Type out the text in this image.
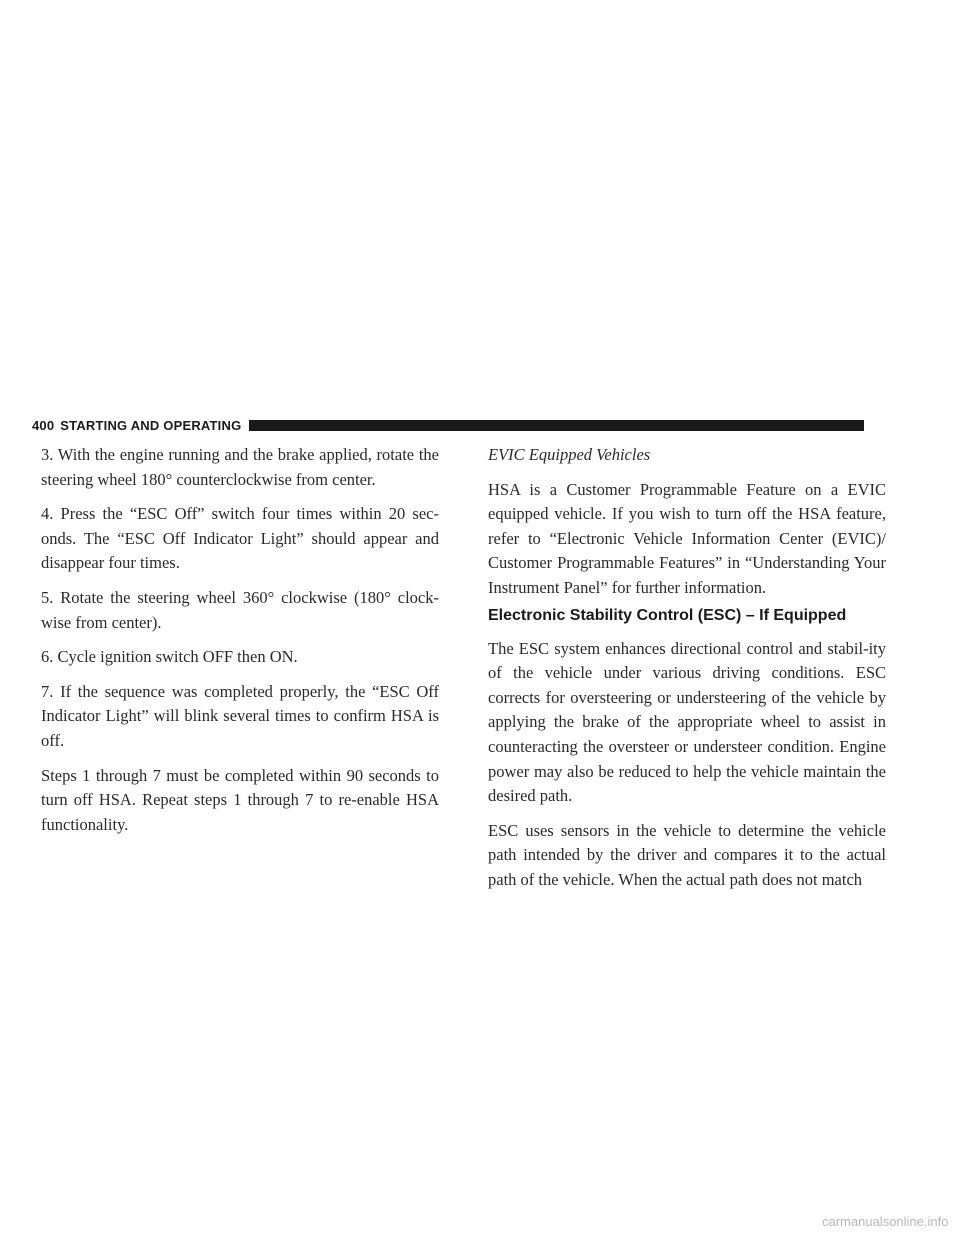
400 STARTING AND OPERATING

3. With the engine running and the brake applied, rotate the steering wheel 180° counterclockwise from center.

4. Press the “ESC Off” switch four times within 20 sec-onds. The “ESC Off Indicator Light” should appear and disappear four times.

5. Rotate the steering wheel 360° clockwise (180° clock-wise from center).

6. Cycle ignition switch OFF then ON.

7. If the sequence was completed properly, the “ESC Off Indicator Light” will blink several times to confirm HSA is off.

Steps 1 through 7 must be completed within 90 seconds to turn off HSA. Repeat steps 1 through 7 to re-enable HSA functionality.

EVIC Equipped Vehicles

HSA is a Customer Programmable Feature on a EVIC equipped vehicle. If you wish to turn off the HSA feature, refer to “Electronic Vehicle Information Center (EVIC)/ Customer Programmable Features” in “Understanding Your Instrument Panel” for further information.

Electronic Stability Control (ESC) – If Equipped

The ESC system enhances directional control and stabil-ity of the vehicle under various driving conditions. ESC corrects for oversteering or understeering of the vehicle by applying the brake of the appropriate wheel to assist in counteracting the oversteer or understeer condition. Engine power may also be reduced to help the vehicle maintain the desired path.

ESC uses sensors in the vehicle to determine the vehicle path intended by the driver and compares it to the actual path of the vehicle. When the actual path does not match

carmanualsonline.info
